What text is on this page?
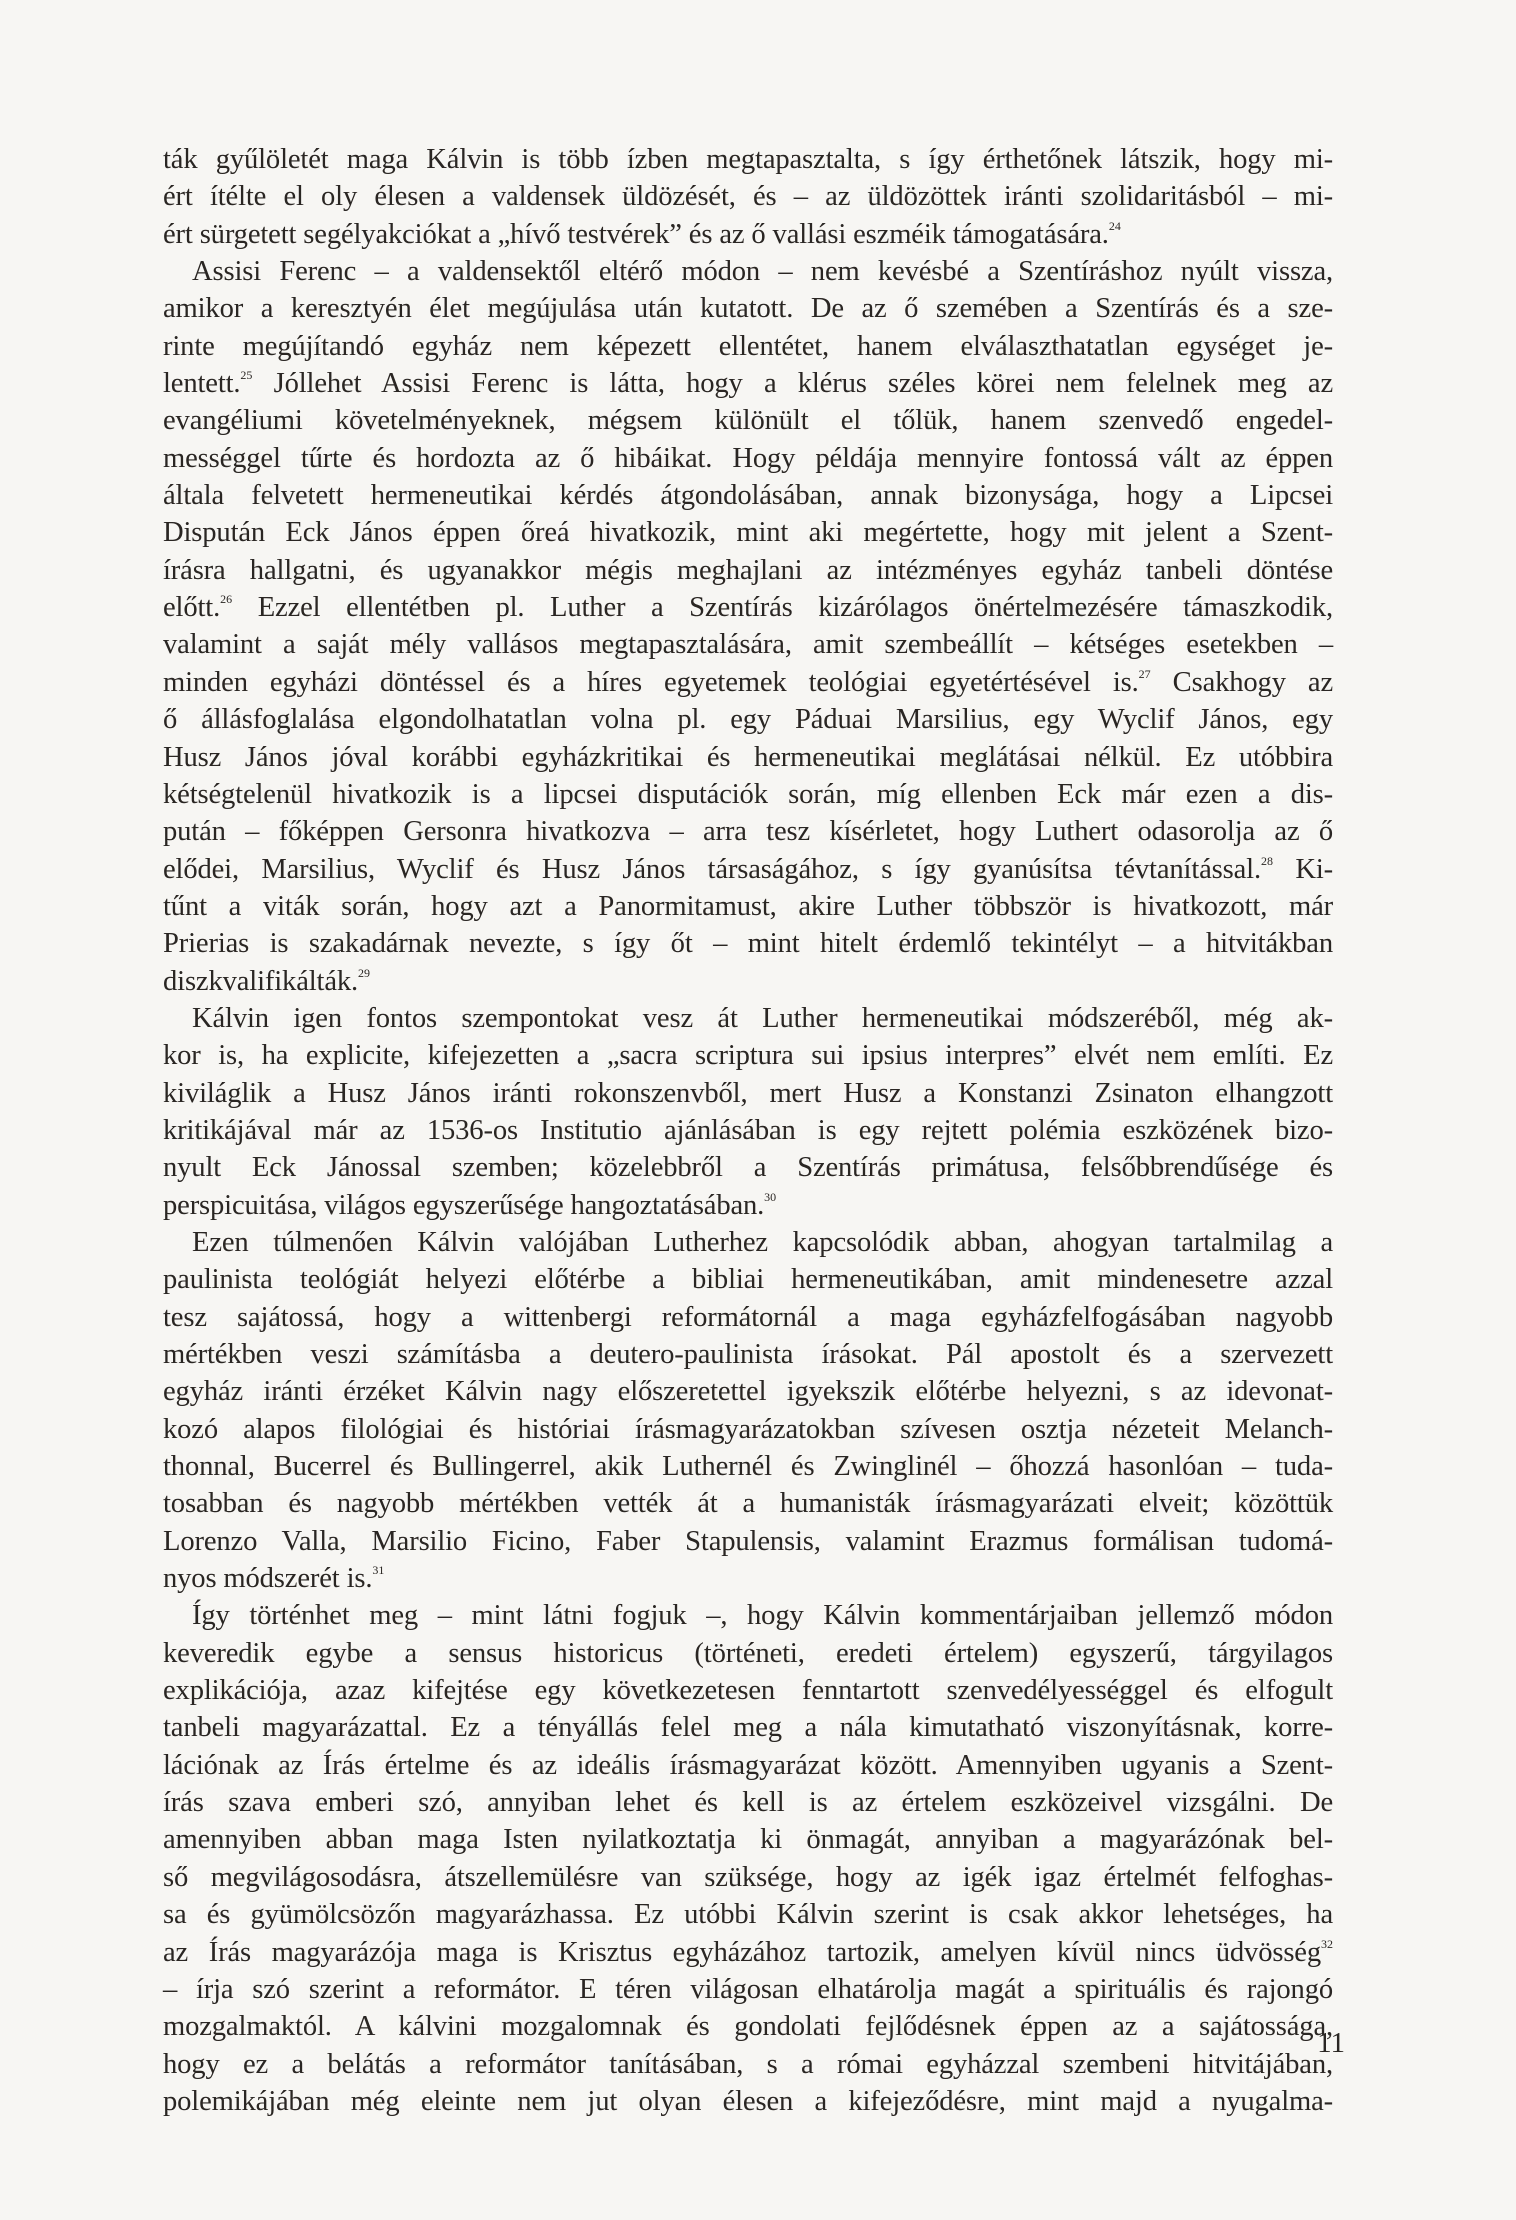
ták gyűlöletét maga Kálvin is több ízben megtapasztalta, s így érthetőnek látszik, hogy mi-
ért ítélte el oly élesen a valdensek üldözését, és – az üldözöttek iránti szolidaritásból – mi-
ért sürgetett segélyakciókat a „hívő testvérek” és az ő vallási eszméik támogatására.$^{24}$
Assisi Ferenc – a valdensektől eltérő módon – nem kevésbé a Szentíráshoz nyúlt vissza,
amikor a keresztyén élet megújulása után kutatott. De az ő szemében a Szentírás és a sze-
rinte megújítandó egyház nem képezett ellentétet, hanem elválaszthatatlan egységet je-
lentett.$^{25}$ Jóllehet Assisi Ferenc is látta, hogy a klérus széles körei nem felelnek meg az
evangéliumi követelményeknek, mégsem különült el tőlük, hanem szenvedő engedel-
mességgel tűrte és hordozta az ő hibáikat. Hogy példája mennyire fontossá vált az éppen
általa felvetett hermeneutikai kérdés átgondolásában, annak bizonysága, hogy a Lipcsei
Dispután Eck János éppen őreá hivatkozik, mint aki megértette, hogy mit jelent a Szent-
írásra hallgatni, és ugyanakkor mégis meghajlani az intézményes egyház tanbeli döntése
előtt.$^{26}$ Ezzel ellentétben pl. Luther a Szentírás kizárólagos önértelmezésére támaszkodik,
valamint a saját mély vallásos megtapasztalására, amit szembeállít – kétséges esetekben –
minden egyházi döntéssel és a híres egyetemek teológiai egyetértésével is.$^{27}$ Csakhogy az
ő állásfoglalása elgondolhatatlan volna pl. egy Páduai Marsilius, egy Wyclif János, egy
Husz János jóval korábbi egyházkritikai és hermeneutikai meglátásai nélkül. Ez utóbbira
kétségtelenül hivatkozik is a lipcsei disputációk során, míg ellenben Eck már ezen a dis-
pután – főképpen Gersonra hivatkozva – arra tesz kísérletet, hogy Luthert odasorolja az ő
elődei, Marsilius, Wyclif és Husz János társaságához, s így gyanúsítsa tévtanítással.$^{28}$ Ki-
tűnt a viták során, hogy azt a Panormitamust, akire Luther többször is hivatkozott, már
Prierias is szakadárnak nevezte, s így őt – mint hitelt érdemlő tekintélyt – a hitvitákban
diszkvalifikálták.$^{29}$
Kálvin igen fontos szempontokat vesz át Luther hermeneutikai módszeréből, még ak-
kor is, ha explicite, kifejezetten a „sacra scriptura sui ipsius interpres” elvét nem említi. Ez
kiviláglik a Husz János iránti rokonszenvből, mert Husz a Konstanzi Zsinaton elhangzott
kritikájával már az 1536-os Institutio ajánlásában is egy rejtett polémia eszközének bizo-
nyult Eck Jánossal szemben; közelebbről a Szentírás primátusa, felsőbbrendűsége és
perspicuitása, világos egyszerűsége hangoztatásában.$^{30}$
Ezen túlmenően Kálvin valójában Lutherhez kapcsolódik abban, ahogyan tartalmilag a
paulinista teológiát helyezi előtérbe a bibliai hermeneutikában, amit mindenesetre azzal
tesz sajátossá, hogy a wittenbergi reformátornál a maga egyházfelfogásában nagyobb
mértékben veszi számításba a deutero-paulinista írásokat. Pál apostolt és a szervezett
egyház iránti érzéket Kálvin nagy előszeretettel igyekszik előtérbe helyezni, s az idevonat-
kozó alapos filológiai és históriai írásmagyarázatokban szívesen osztja nézeteit Melanch-
thonnal, Bucerrel és Bullingerrel, akik Luthernél és Zwinglinél – őhozzá hasonlóan – tuda-
tosabban és nagyobb mértékben vették át a humanisták írásmagyarázati elveit; közöttük
Lorenzo Valla, Marsilio Ficino, Faber Stapulensis, valamint Erazmus formálisan tudomá-
nyos módszerét is.$^{31}$
Így történhet meg – mint látni fogjuk –, hogy Kálvin kommentárjaiban jellemző módon
keveredik egybe a sensus historicus (történeti, eredeti értelem) egyszerű, tárgyilagos
explikációja, azaz kifejtése egy következetesen fenntartott szenvedélyességgel és elfogult
tanbeli magyarázattal. Ez a tényállás felel meg a nála kimutatható viszonyításnak, korre-
lációnak az Írás értelme és az ideális írásmagyarázat között. Amennyiben ugyanis a Szent-
írás szava emberi szó, annyiban lehet és kell is az értelem eszközeivel vizsgálni. De
amennyiben abban maga Isten nyilatkoztatja ki önmagát, annyiban a magyarázónak bel-
ső megvilágosodásra, átszellemülésre van szüksége, hogy az igék igaz értelmét felfoghas-
sa és gyümölcsözőn magyarázhassa. Ez utóbbi Kálvin szerint is csak akkor lehetséges, ha
az Írás magyarázója maga is Krisztus egyházához tartozik, amelyen kívül nincs üdvösség$^{32}$
– írja szó szerint a reformátor. E téren világosan elhatárolja magát a spirituális és rajongó
mozgalmaktól. A kálvini mozgalomnak és gondolati fejlődésnek éppen az a sajátossága,
hogy ez a belátás a reformátor tanításában, s a római egyházzal szembeni hitvitájában,
polemikájában még eleinte nem jut olyan élesen a kifejeződésre, mint majd a nyugalma-
11
